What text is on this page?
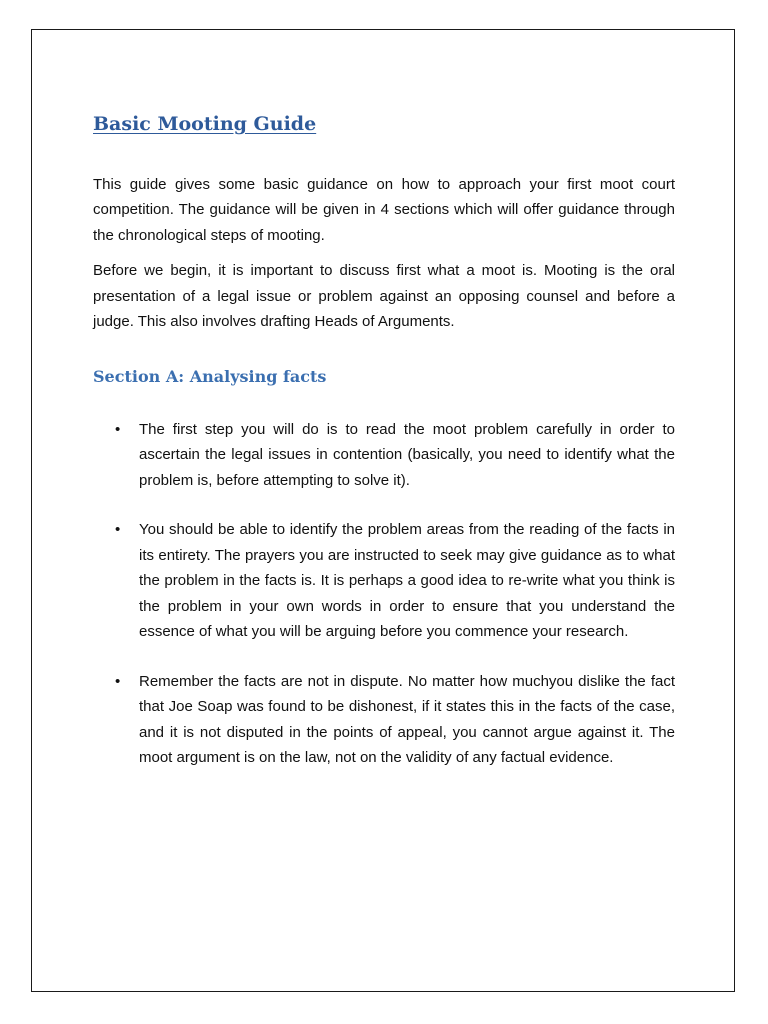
Basic Mooting Guide

This guide gives some basic guidance on how to approach your first moot court competition. The guidance will be given in 4 sections which will offer guidance through the chronological steps of mooting.

Before we begin, it is important to discuss first what a moot is. Mooting is the oral presentation of a legal issue or problem against an opposing counsel and before a judge. This also involves drafting Heads of Arguments.

Section A: Analysing facts
• The first step you will do is to read the moot problem carefully in order to ascertain the legal issues in contention (basically, you need to identify what the problem is, before attempting to solve it).

• You should be able to identify the problem areas from the reading of the facts in its entirety. The prayers you are instructed to seek may give guidance as to what the problem in the facts is. It is perhaps a good idea to re-write what you think is the problem in your own words in order to ensure that you understand the essence of what you will be arguing before you commence your research.

• Remember the facts are not in dispute. No matter how muchyou dislike the fact that Joe Soap was found to be dishonest, if it states this in the facts of the case, and it is not disputed in the points of appeal, you cannot argue against it. The moot argument is on the law, not on the validity of any factual evidence.
